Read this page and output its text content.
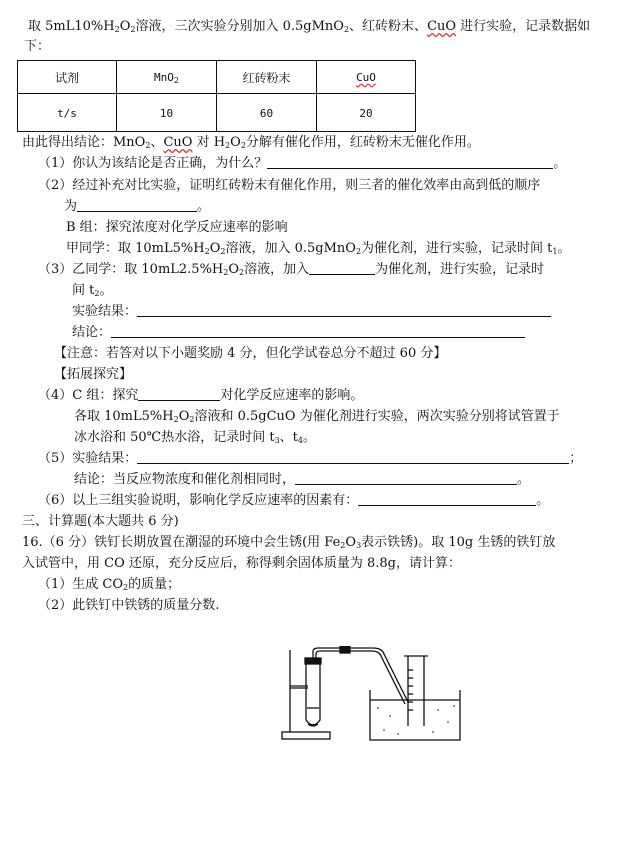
取 $5mL10\%H_2O_2$溶液，三次实验分别加入 0.5gMnO$_2$、红砖粉末、CuO 进行实验，记录数据如
下：
试剂	MnO$_2$	红砖粉末	CuO
t/s	10	60	20
由此得出结论：MnO$_2$、CuO 对 $H_2O_2$分解有催化作用，红砖粉末无催化作用。
（1）你认为该结论是否正确，为什么？	。
（2）经过补充对比实验，证明红砖粉末有催化作用，则三者的催化效率由高到低的顺序
为	。
B 组：探究浓度对化学反应速率的影响
甲同学：取 $10mL5\%H_2O_2$溶液，加入 0.5gMnO$_2$为催化剂，进行实验，记录时间 $t_1$。
（3）乙同学：取 $10mL2.5\%H_2O_2$溶液，加入	为催化剂，进行实验，记录时
间 $t_2$。
实验结果：
结论：
【注意：若答对以下小题奖励 4 分，但化学试卷总分不超过 60 分】
【拓展探究】
（4）C 组：探究	对化学反应速率的影响。
各取 $10mL5\%H_2O_2$溶液和 0.5gCuO 为催化剂进行实验，两次实验分别将试管置于
冰水浴和 50℃热水浴，记录时间 $t_3$、$t_4$。
（5）实验结果：	；
结论：当反应物浓度和催化剂相同时，	。
（6）以上三组实验说明，影响化学反应速率的因素有：	。
三、计算题(本大题共 6 分)
16.（6 分）铁钉长期放置在潮湿的环境中会生锈(用 $Fe_2O_3$表示铁锈)。取 10g 生锈的铁钉放
入试管中，用 CO 还原，充分反应后，称得剩余固体质量为 8.8g，请计算：
（1）生成 $CO_2$的质量；
（2）此铁钉中铁锈的质量分数.
